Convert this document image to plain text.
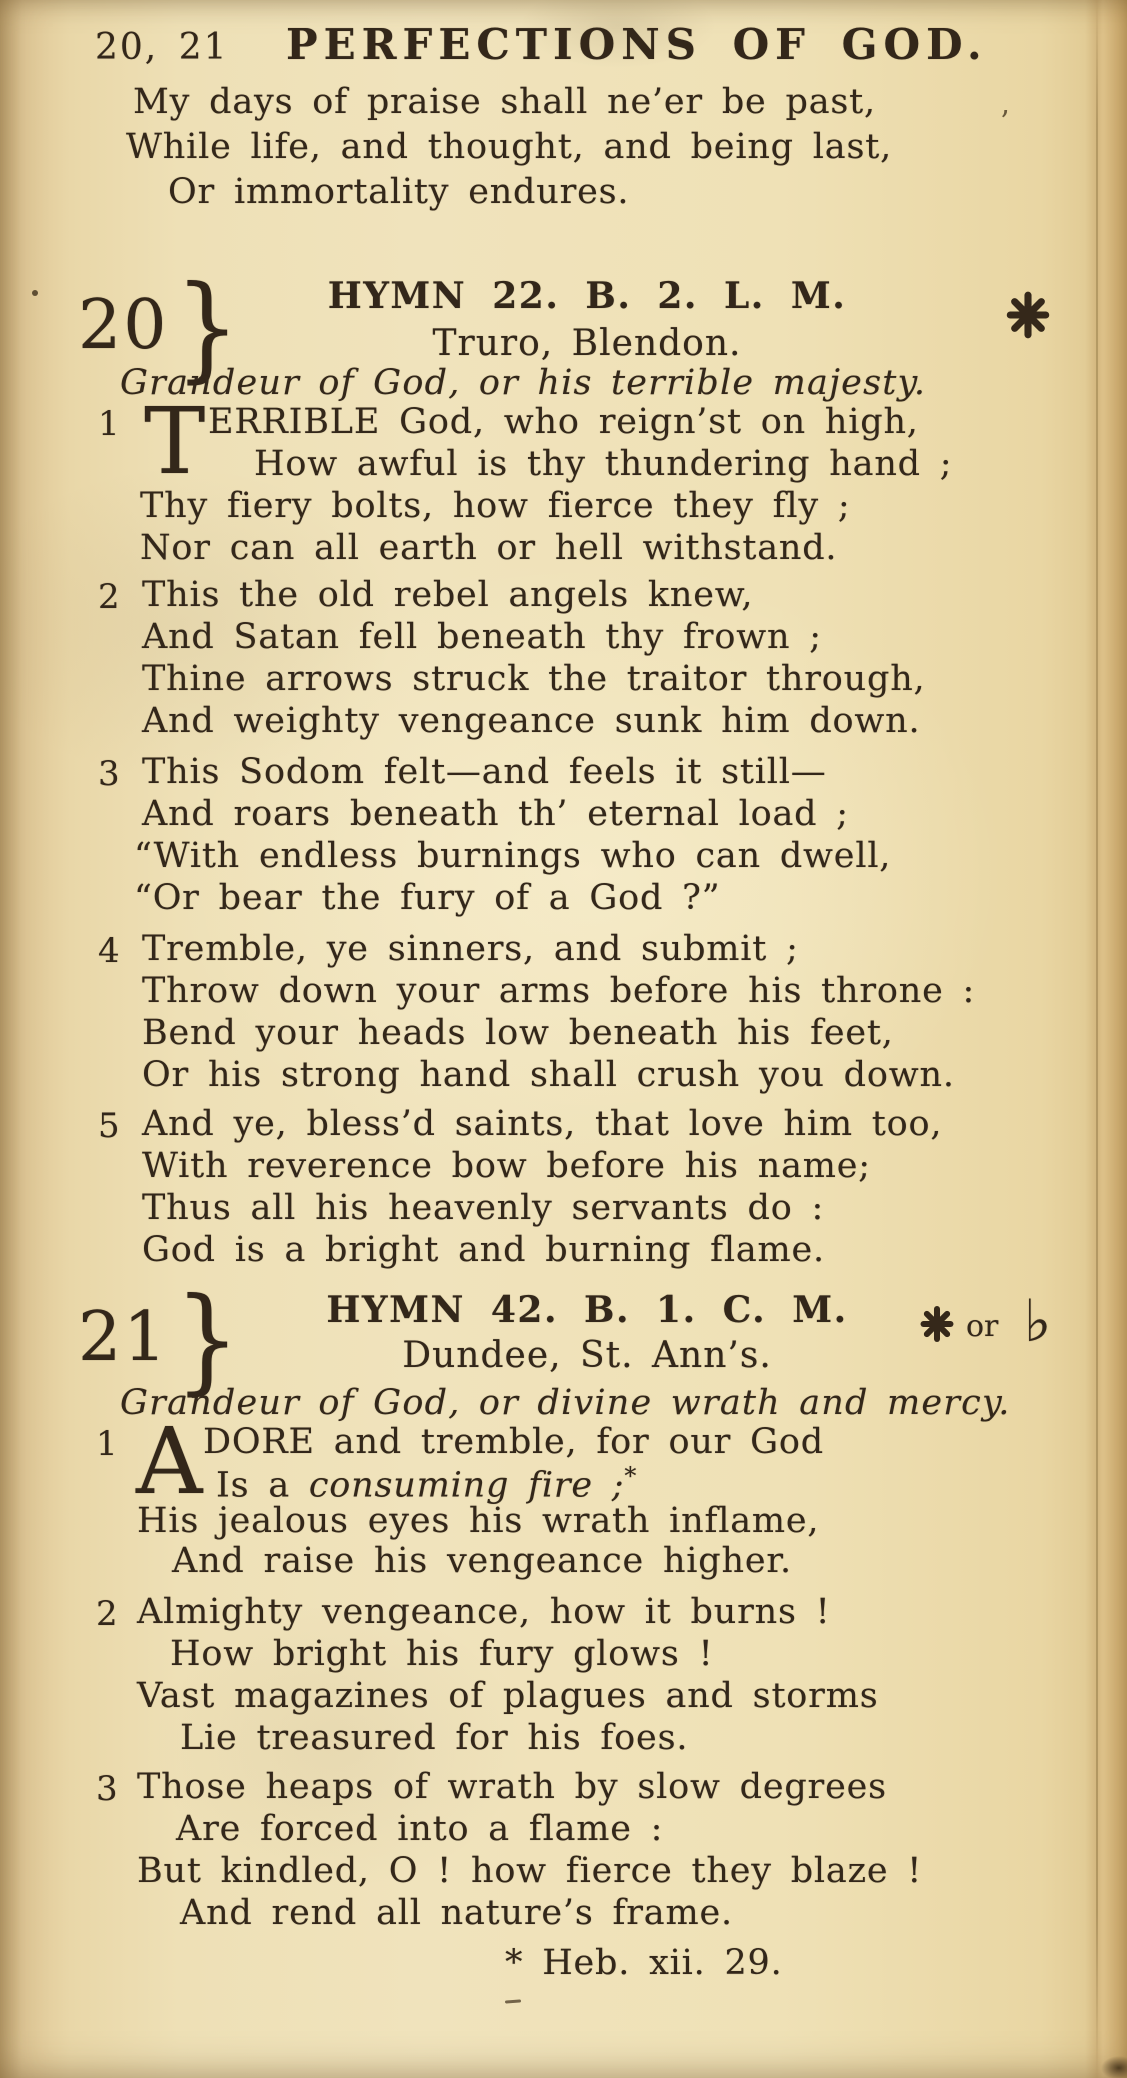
20, 21 PERFECTIONS OF GOD.
My days of praise shall ne’er be past,
While life, and thought, and being last,
Or immortality endures.
20 }	HYMN 22. B. 2. L. M.
Truro, Blendon.
Grandeur of God, or his terrible majesty.
1 T ERRIBLE God, who reign’st on high,
How awful is thy thundering hand ;
Thy fiery bolts, how fierce they fly ;
Nor can all earth or hell withstand.
2 This the old rebel angels knew,
And Satan fell beneath thy frown ;
Thine arrows struck the traitor through,
And weighty vengeance sunk him down.
3 This Sodom felt—and feels it still—
And roars beneath th’ eternal load ;
“With endless burnings who can dwell,
“Or bear the fury of a God ?”
4 Tremble, ye sinners, and submit ;
Throw down your arms before his throne :
Bend your heads low beneath his feet,
Or his strong hand shall crush you down.
5 And ye, bless’d saints, that love him too,
With reverence bow before his name;
Thus all his heavenly servants do :
God is a bright and burning flame.
21 }	HYMN 42. B. 1. C. M.
Dundee, St. Ann’s.
or ♭
Grandeur of God, or divine wrath and mercy.
1 A DORE and tremble, for our God
Is a consuming fire ;*
His jealous eyes his wrath inflame,
And raise his vengeance higher.
2 Almighty vengeance, how it burns !
How bright his fury glows !
Vast magazines of plagues and storms
Lie treasured for his foes.
3 Those heaps of wrath by slow degrees
Are forced into a flame :
But kindled, O ! how fierce they blaze !
And rend all nature’s frame.
* Heb. xii. 29.
’
